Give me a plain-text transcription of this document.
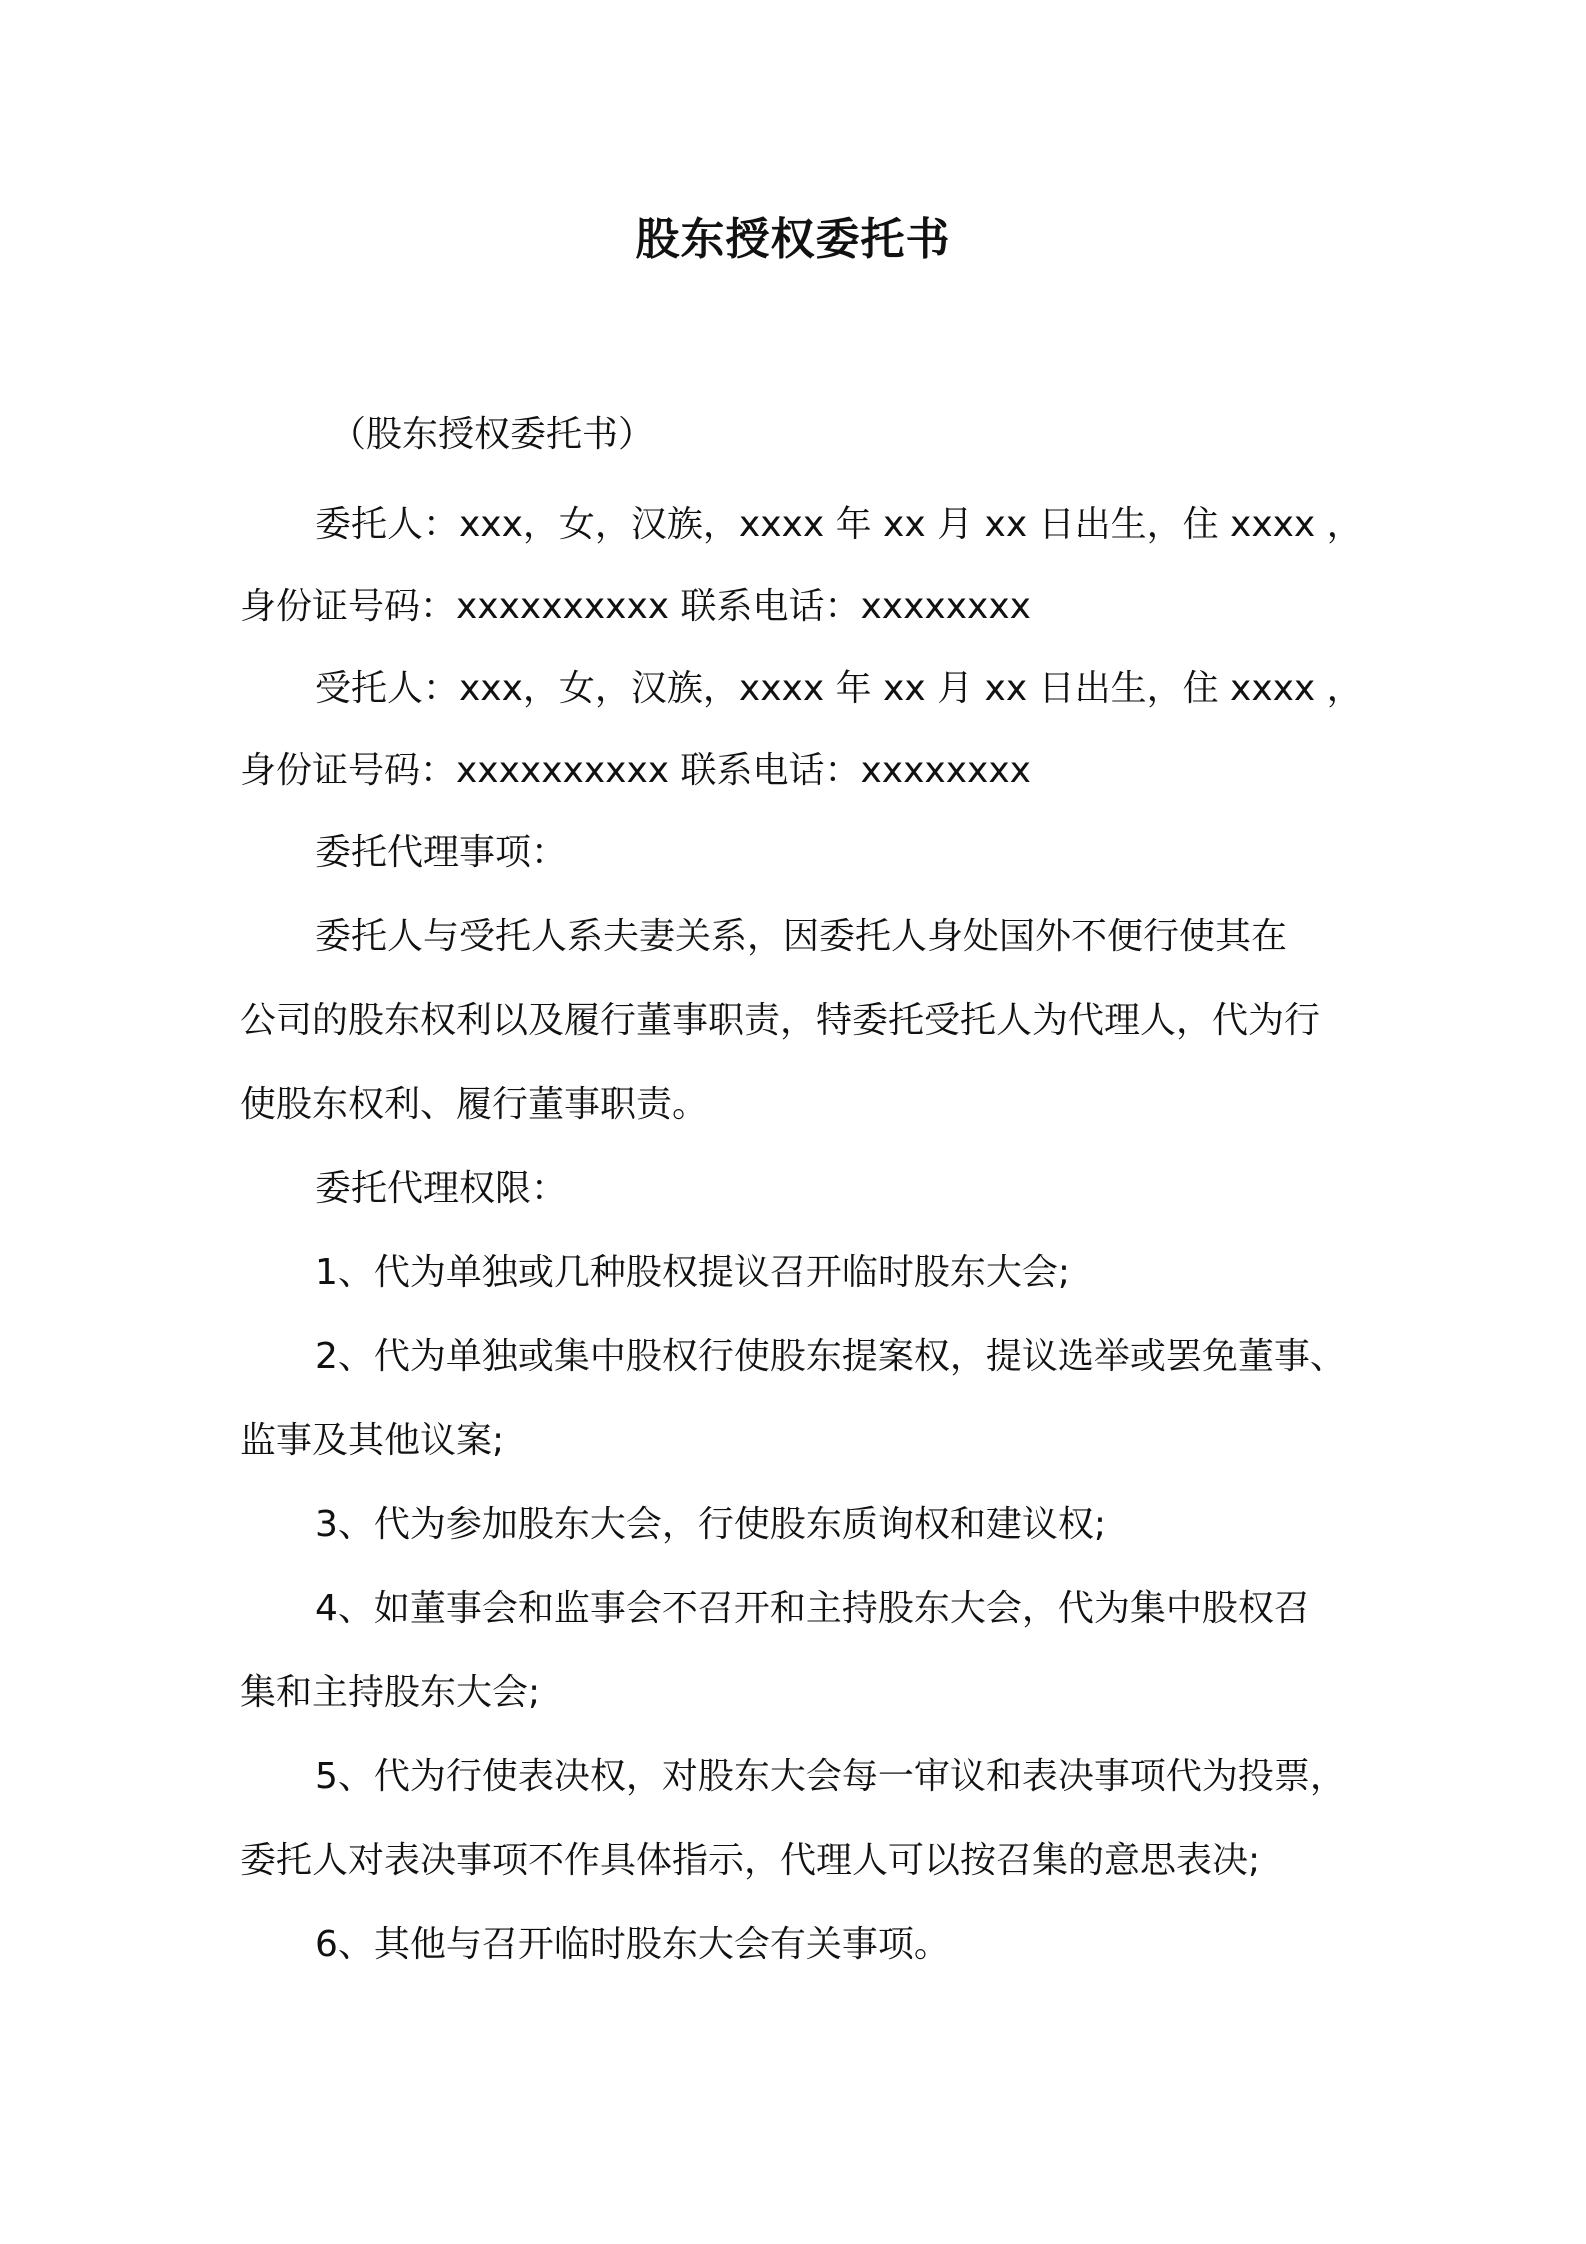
股东授权委托书

（股东授权委托书）

委托人：xxx，女，汉族，xxxx 年 xx 月 xx 日出生，住 xxxx ，

身份证号码：xxxxxxxxxx 联系电话：xxxxxxxx

受托人：xxx，女，汉族，xxxx 年 xx 月 xx 日出生，住 xxxx ，

身份证号码：xxxxxxxxxx 联系电话：xxxxxxxx

委托代理事项：

委托人与受托人系夫妻关系，因委托人身处国外不便行使其在

公司的股东权利以及履行董事职责，特委托受托人为代理人，代为行

使股东权利、履行董事职责。

委托代理权限：

1、代为单独或几种股权提议召开临时股东大会;

2、代为单独或集中股权行使股东提案权，提议选举或罢免董事、

监事及其他议案;

3、代为参加股东大会，行使股东质询权和建议权;

4、如董事会和监事会不召开和主持股东大会，代为集中股权召

集和主持股东大会;

5、代为行使表决权，对股东大会每一审议和表决事项代为投票，

委托人对表决事项不作具体指示，代理人可以按召集的意思表决;

6、其他与召开临时股东大会有关事项。
